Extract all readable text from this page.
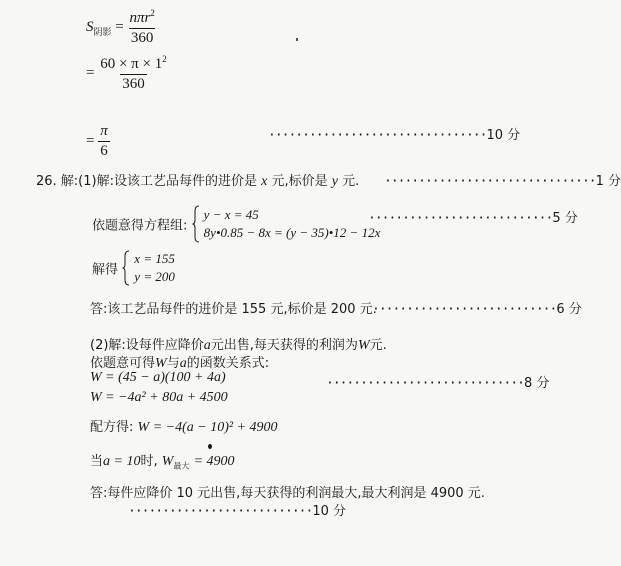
$S_{阴影} = \frac{n\pi r^2}{360}$
= $\frac{60 \times \pi \times 1^2}{360}$
= $\frac{\pi}{6}$	································10 分
26. 解:(1)解:设该工艺品每件的进价是 x 元,标价是 y 元. ·······························1 分
依题意得方程组:  y − x = 45
8y•0.85 − 8x = (y − 35)•12 − 12x
···························5 分
解得  x = 155
y = 200
答:该工艺品每件的进价是 155 元,标价是 200 元.
···························6 分
(2)解:设每件应降价a元出售,每天获得的利润为W元.
依题意可得W与a的函数关系式:
W = (45 − a)(100 + 4a)	·····························8 分
W = −4a² + 80a + 4500
配方得: W = −4(a − 10)² + 4900
当a = 10时, $W_{最大} = 4900$
答:每件应降价 10 元出售,每天获得的利润最大,最大利润是 4900 元.
···························10 分
